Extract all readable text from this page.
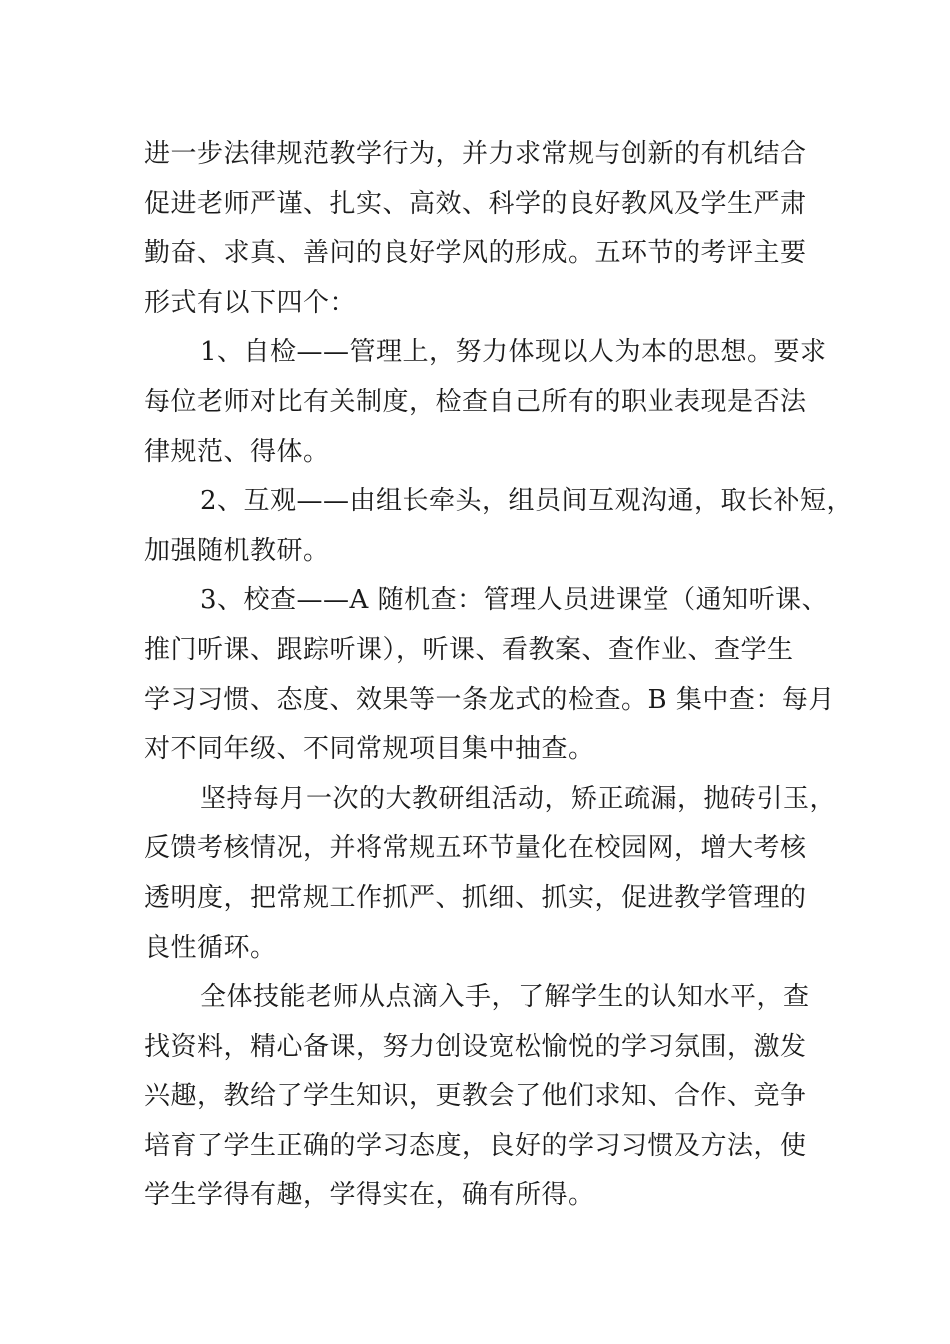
进一步法律规范教学行为，并力求常规与创新的有机结合
促进老师严谨、扎实、高效、科学的良好教风及学生严肃
勤奋、求真、善问的良好学风的形成。五环节的考评主要
形式有以下四个：
1、自检——管理上，努力体现以人为本的思想。要求
每位老师对比有关制度，检查自己所有的职业表现是否法
律规范、得体。
2、互观——由组长牵头，组员间互观沟通，取长补短，
加强随机教研。
3、校查——A 随机查：管理人员进课堂（通知听课、
推门听课、跟踪听课），听课、看教案、查作业、查学生
学习习惯、态度、效果等一条龙式的检查。B 集中查：每月
对不同年级、不同常规项目集中抽查。
坚持每月一次的大教研组活动，矫正疏漏，抛砖引玉，
反馈考核情况，并将常规五环节量化在校园网，增大考核
透明度，把常规工作抓严、抓细、抓实，促进教学管理的
良性循环。
全体技能老师从点滴入手，了解学生的认知水平，查
找资料，精心备课，努力创设宽松愉悦的学习氛围，激发
兴趣，教给了学生知识，更教会了他们求知、合作、竞争
培育了学生正确的学习态度，良好的学习习惯及方法，使
学生学得有趣，学得实在，确有所得。
